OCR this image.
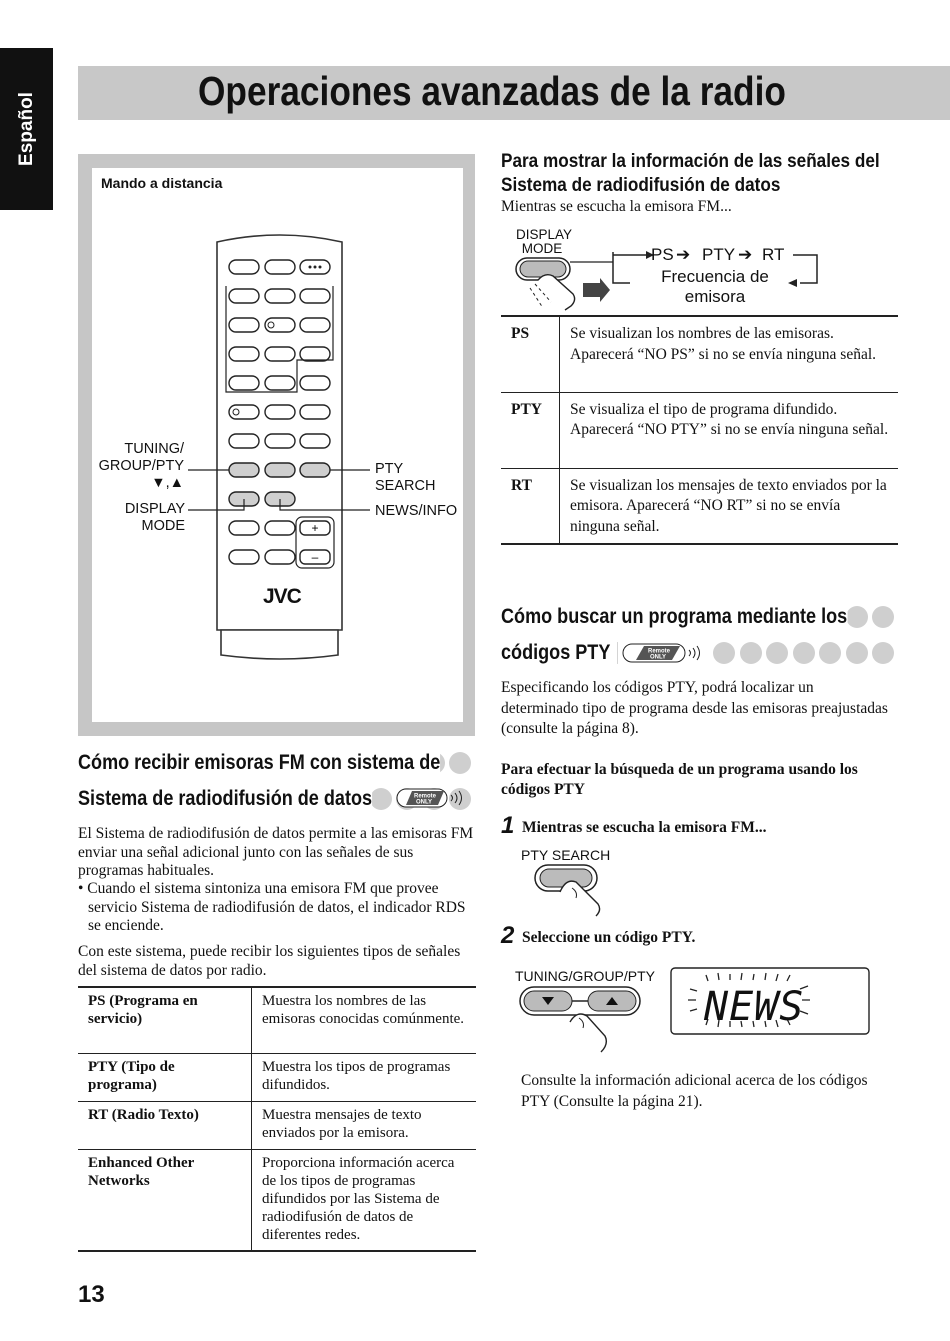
Español
Operaciones avanzadas de la radio
Mando a distancia
+
–
JVC
TUNING/
GROUP/PTY
▼,▲
DISPLAY
MODE
PTY
SEARCH
NEWS/INFO
Cómo recibir emisoras FM con sistema de
Sistema de radiodifusión de datos	Remote
ONLY
El Sistema de radiodifusión de datos permite a las emisoras FM enviar una señal adicional junto con las señales de sus programas habituales.
• Cuando el sistema sintoniza una emisora FM que provee servicio Sistema de radiodifusión de datos, el indicador RDS se enciende.
Con este sistema, puede recibir los siguientes tipos de señales del sistema de datos por radio.
PS (Programa en servicio)	Muestra los nombres de las emisoras conocidas comúnmente.
PTY (Tipo de programa)	Muestra los tipos de programas difundidos.
RT (Radio Texto)	Muestra mensajes de texto enviados por la emisora.
Enhanced Other Networks	Proporciona información acerca de los tipos de programas difundidos por las Sistema de radiodifusión de datos de diferentes redes.
Para mostrar la información de las señales del
Sistema de radiodifusión de datos
Mientras se escucha la emisora FM...
DISPLAY
MODE	PS ➔ PTY ➔ RT
Frecuencia de
emisora
PS	Se visualizan los nombres de las emisoras. Aparecerá “NO PS” si no se envía ninguna señal.
PTY	Se visualiza el tipo de programa difundido. Aparecerá “NO PTY” si no se envía ninguna señal.
RT	Se visualizan los mensajes de texto enviados por la emisora. Aparecerá “NO RT” si no se envía ninguna señal.
Cómo buscar un programa mediante los
códigos PTY	Remote
ONLY
Especificando los códigos PTY, podrá localizar un determinado tipo de programa desde las emisoras preajustadas (consulte la página 8).
Para efectuar la búsqueda de un programa usando los códigos PTY
1 Mientras se escucha la emisora FM...
PTY SEARCH
2 Seleccione un código PTY.
TUNING/GROUP/PTY
NEWS
Consulte la información adicional acerca de los códigos PTY (Consulte la página 21).
13
